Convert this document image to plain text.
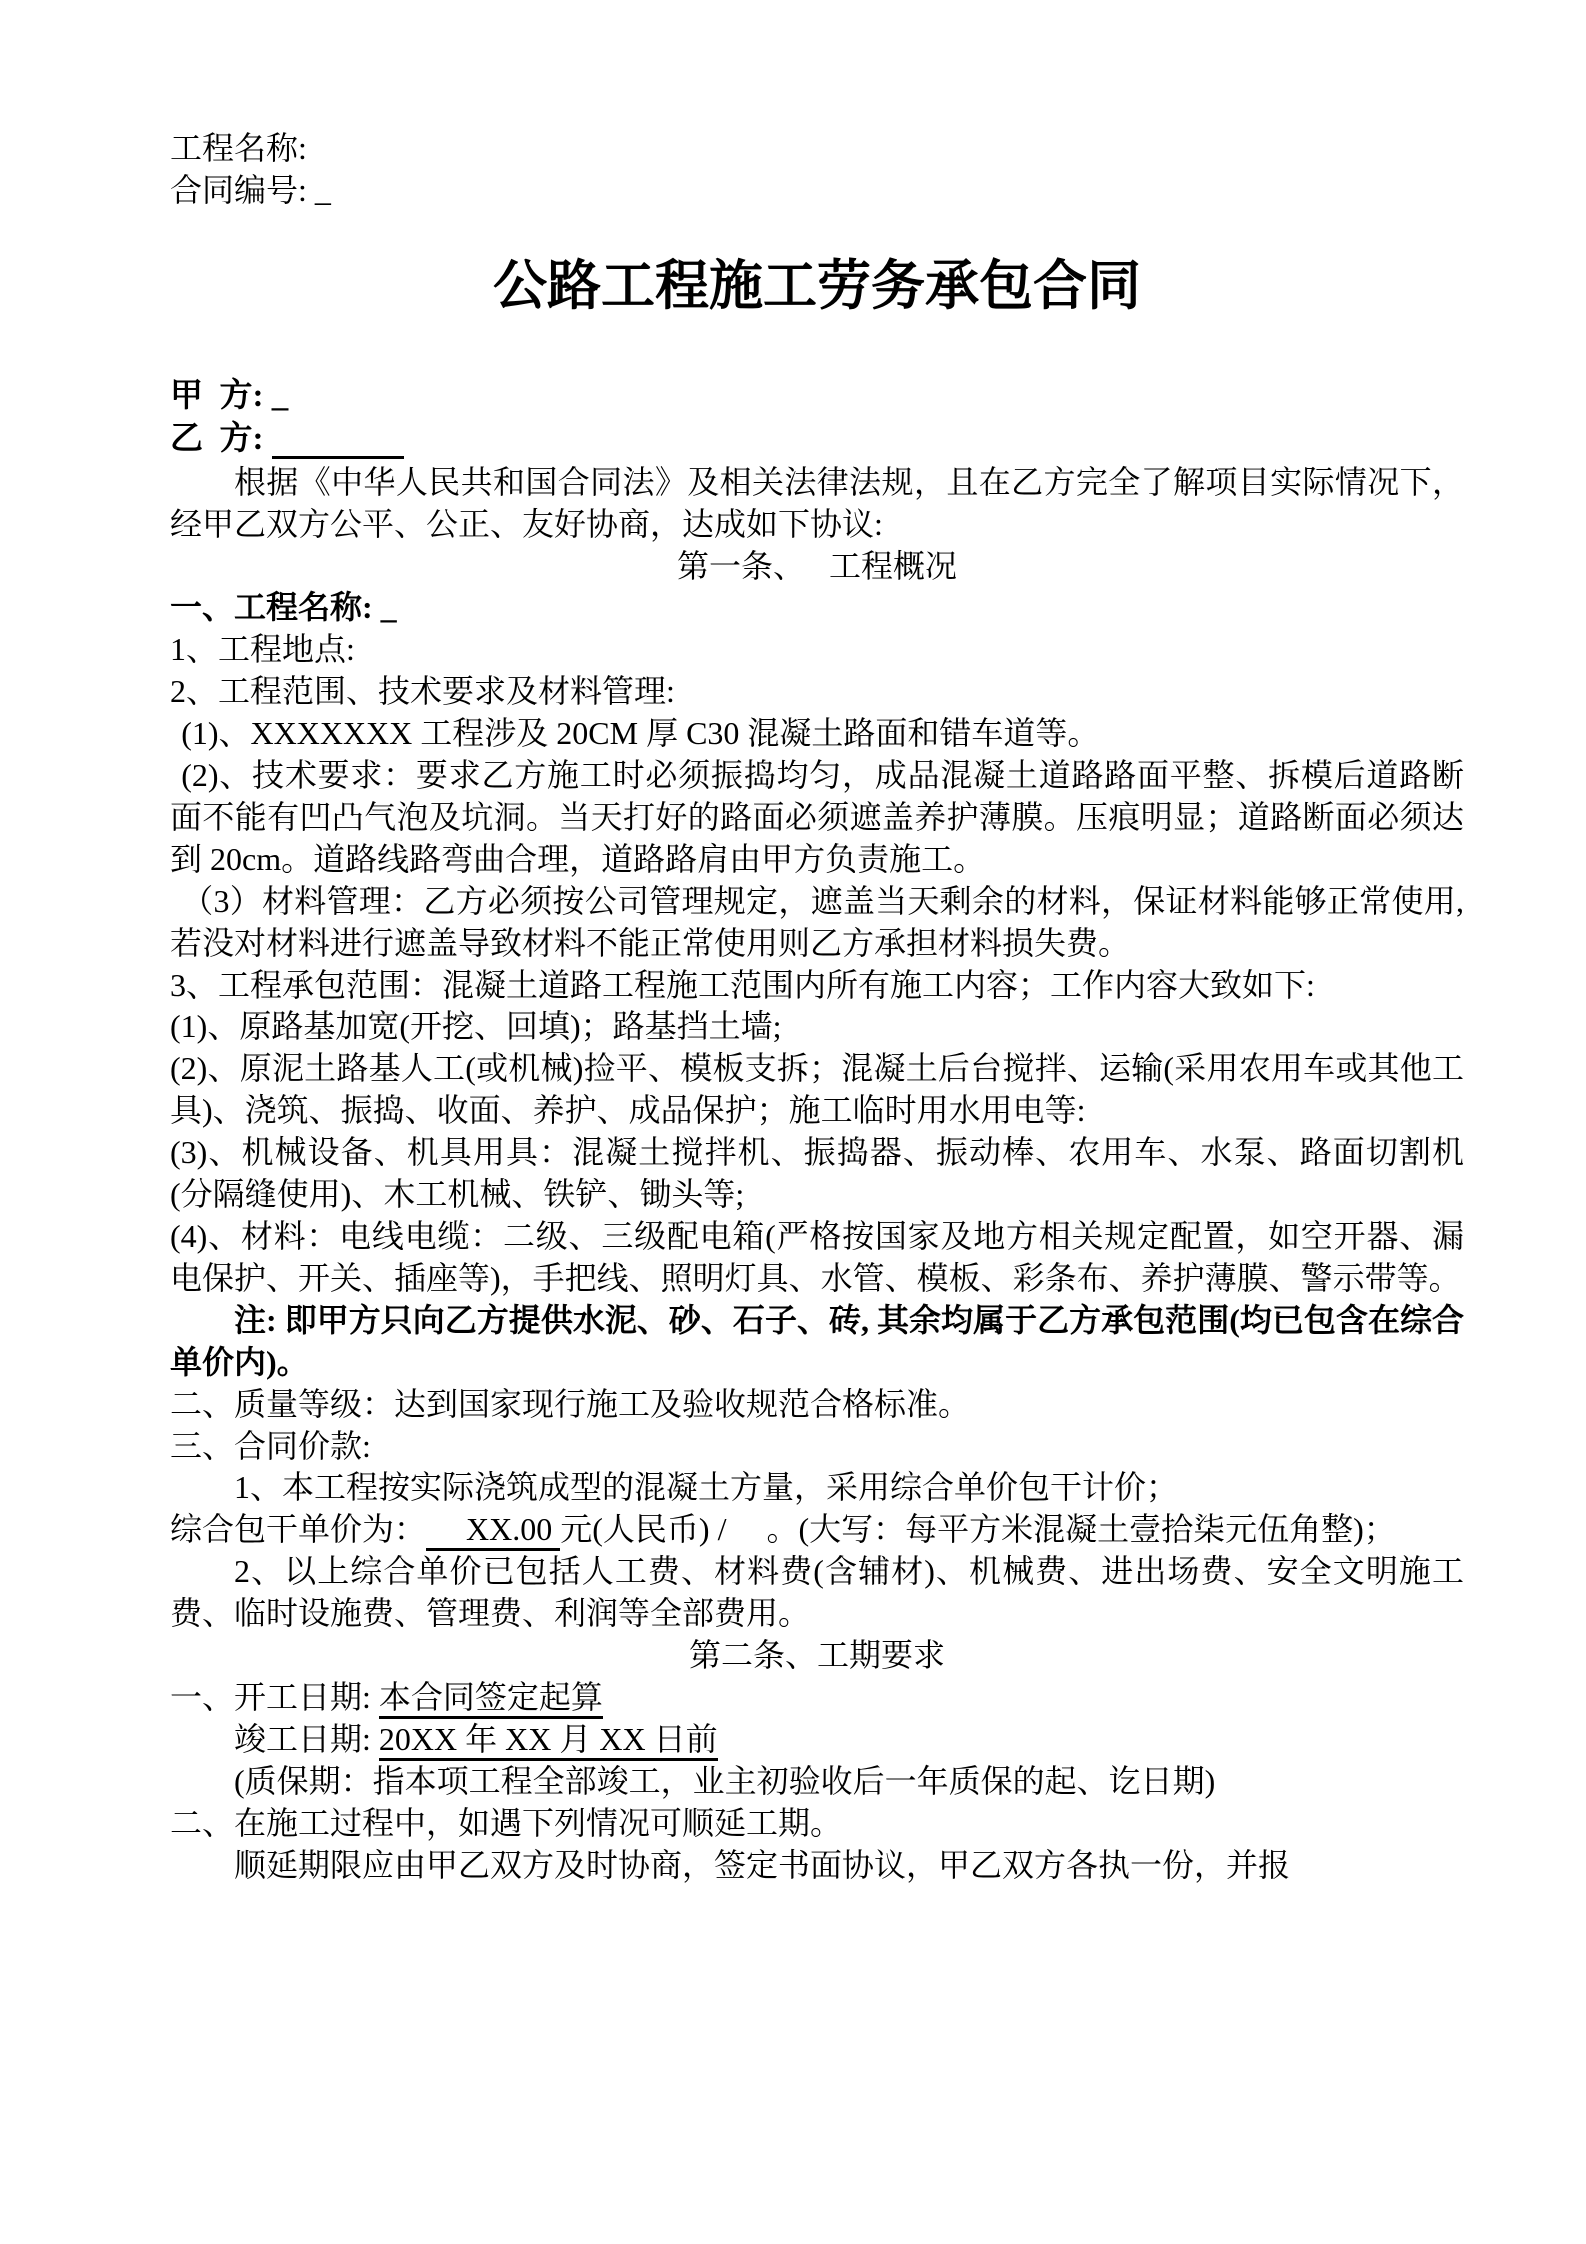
工程名称:

合同编号: _

公路工程施工劳务承包合同

甲  方: _

乙  方: 　　　　

根据《中华人民共和国合同法》及相关法律法规，且在乙方完全了解项目实际情况下，经甲乙双方公平、公正、友好协商，达成如下协议:

第一条、　 工程概况

一、工程名称: _

1、工程地点:

2、工程范围、技术要求及材料管理:

(1)、XXXXXXX 工程涉及 20CM 厚 C30 混凝土路面和错车道等。

(2)、技术要求：要求乙方施工时必须振捣均匀，成品混凝土道路路面平整、拆模后道路断面不能有凹凸气泡及坑洞。当天打好的路面必须遮盖养护薄膜。压痕明显；道路断面必须达到 20cm。道路线路弯曲合理，道路路肩由甲方负责施工。

（3）材料管理：乙方必须按公司管理规定，遮盖当天剩余的材料，保证材料能够正常使用,若没对材料进行遮盖导致材料不能正常使用则乙方承担材料损失费。

3、工程承包范围：混凝土道路工程施工范围内所有施工内容；工作内容大致如下:

(1)、原路基加宽(开挖、回填)；路基挡土墙;

(2)、原泥土路基人工(或机械)捡平、模板支拆；混凝土后台搅拌、运输(采用农用车或其他工具)、浇筑、振捣、收面、养护、成品保护；施工临时用水用电等:

(3)、机械设备、机具用具：混凝土搅拌机、振捣器、振动棒、农用车、水泵、路面切割机(分隔缝使用)、木工机械、铁铲、锄头等;

(4)、材料：电线电缆：二级、三级配电箱(严格按国家及地方相关规定配置，如空开器、漏电保护、开关、插座等)，手把线、照明灯具、水管、模板、彩条布、养护薄膜、警示带等。

注: 即甲方只向乙方提供水泥、砂、石子、砖, 其余均属于乙方承包范围(均已包含在综合单价内)。

二、质量等级：达到国家现行施工及验收规范合格标准。

三、合同价款:

1、本工程按实际浇筑成型的混凝土方量，采用综合单价包干计价；

综合包干单价为： 　XX.00 元(人民币) /　 。(大写：每平方米混凝土壹拾柒元伍角整)；

2、以上综合单价已包括人工费、材料费(含辅材)、机械费、进出场费、安全文明施工费、临时设施费、管理费、利润等全部费用。

第二条、工期要求

一、开工日期: 本合同签定起算

竣工日期: 20XX 年 XX 月 XX 日前

(质保期：指本项工程全部竣工，业主初验收后一年质保的起、讫日期)

二、在施工过程中，如遇下列情况可顺延工期。

顺延期限应由甲乙双方及时协商，签定书面协议，甲乙双方各执一份，并报
